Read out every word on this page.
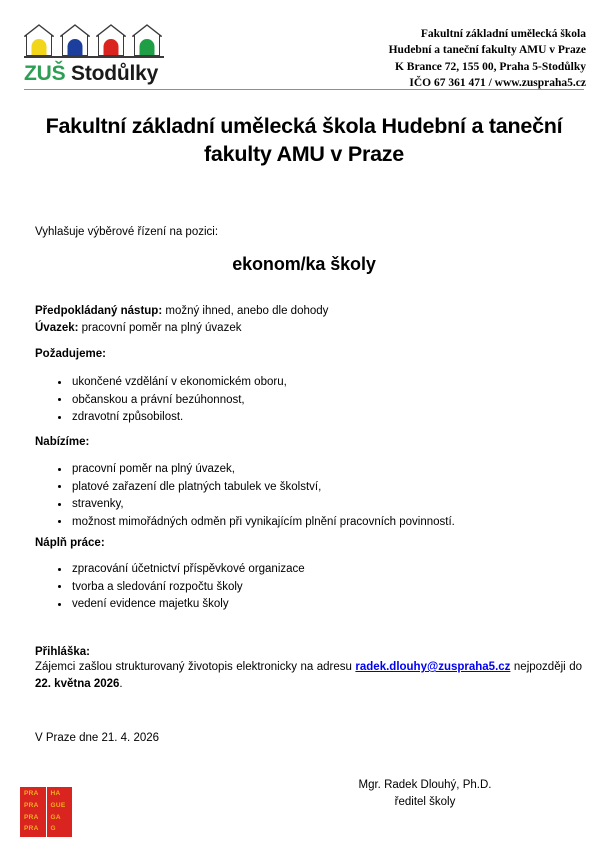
ZUŠ Stodůlky
Fakultní základní umělecká škola
Hudební a taneční fakulty AMU v Praze
K Brance 72, 155 00, Praha 5-Stodůlky
IČO 67 361 471 / www.zuspraha5.cz
Fakultní základní umělecká škola Hudební a taneční fakulty AMU v Praze
Vyhlašuje výběrové řízení na pozici:
ekonom/ka školy
Předpokládaný nástup: možný ihned, anebo dle dohody
Úvazek: pracovní poměr na plný úvazek
Požadujeme:
ukončené vzdělání v ekonomickém oboru,
občanskou a právní bezúhonnost,
zdravotní způsobilost.
Nabízíme:
pracovní poměr na plný úvazek,
platové zařazení dle platných tabulek ve školství,
stravenky,
možnost mimořádných odměn při vynikajícím plnění pracovních povinností.
Náplň práce:
zpracování účetnictví příspěvkové organizace
tvorba a sledování rozpočtu školy
vedení evidence majetku školy
Přihláška:
Zájemci zašlou strukturovaný životopis elektronicky na adresu radek.dlouhy@zuspraha5.cz nejpozději do 22. května 2026.
V Praze dne 21. 4. 2026
Mgr. Radek Dlouhý, Ph.D.
ředitel školy
PRA
PRA
PRA
PRA
HA
GUE
GA
G
